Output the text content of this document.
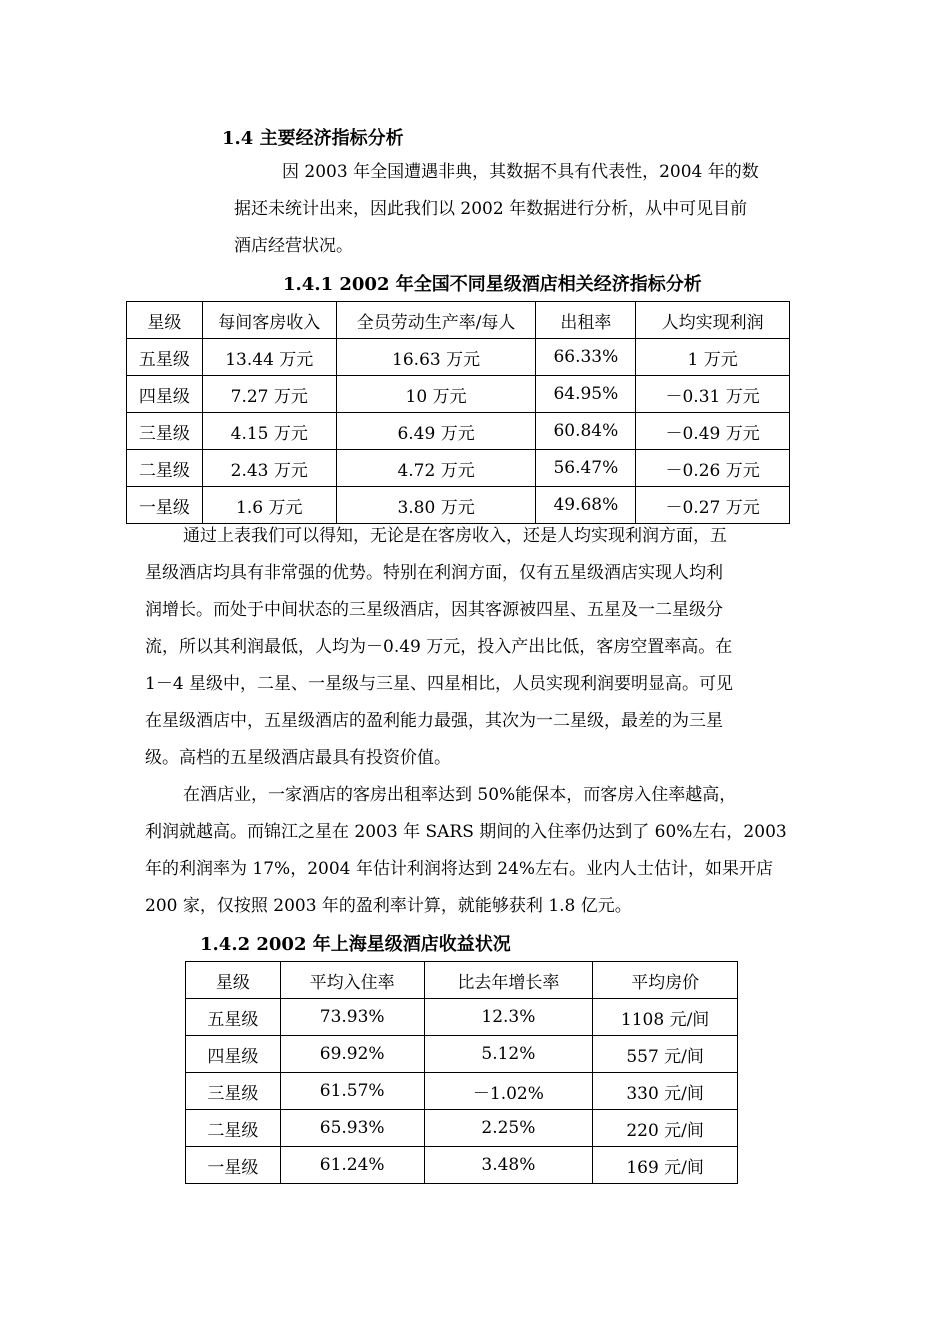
1.4 主要经济指标分析

因 2003 年全国遭遇非典，其数据不具有代表性，2004 年的数

据还未统计出来，因此我们以 2002 年数据进行分析，从中可见目前

酒店经营状况。

1.4.1 2002 年全国不同星级酒店相关经济指标分析
星级	每间客房收入	全员劳动生产率/每人	出租率	人均实现利润
五星级	13.44 万元	16.63 万元	66.33%	1 万元
四星级	7.27 万元	10 万元	64.95%	－0.31 万元
三星级	4.15 万元	6.49 万元	60.84%	－0.49 万元
二星级	2.43 万元	4.72 万元	56.47%	－0.26 万元
一星级	1.6 万元	3.80 万元	49.68%	－0.27 万元

通过上表我们可以得知，无论是在客房收入，还是人均实现利润方面，五

星级酒店均具有非常强的优势。特别在利润方面，仅有五星级酒店实现人均利

润增长。而处于中间状态的三星级酒店，因其客源被四星、五星及一二星级分

流，所以其利润最低，人均为－0.49 万元，投入产出比低，客房空置率高。在

1－4 星级中，二星、一星级与三星、四星相比，人员实现利润要明显高。可见

在星级酒店中，五星级酒店的盈利能力最强，其次为一二星级，最差的为三星

级。高档的五星级酒店最具有投资价值。

在酒店业，一家酒店的客房出租率达到 50%能保本，而客房入住率越高，

利润就越高。而锦江之星在 2003 年 SARS 期间的入住率仍达到了 60%左右，2003

年的利润率为 17%，2004 年估计利润将达到 24%左右。业内人士估计，如果开店

200 家，仅按照 2003 年的盈利率计算，就能够获利 1.8 亿元。

1.4.2 2002 年上海星级酒店收益状况
星级	平均入住率	比去年增长率	平均房价
五星级	73.93%	12.3%	1108 元/间
四星级	69.92%	5.12%	557 元/间
三星级	61.57%	－1.02%	330 元/间
二星级	65.93%	2.25%	220 元/间
一星级	61.24%	3.48%	169 元/间
